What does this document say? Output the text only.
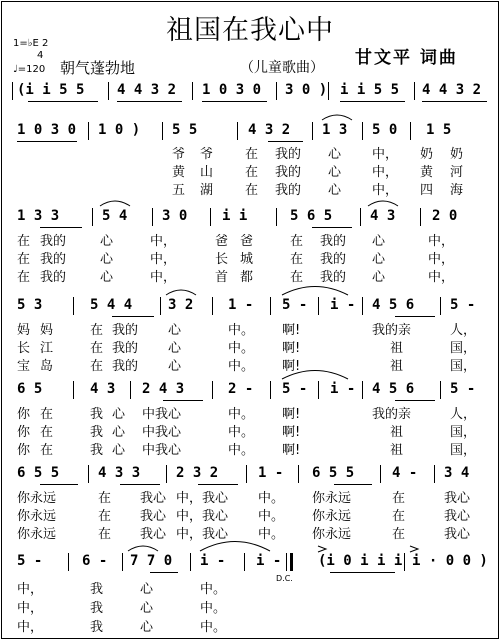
祖国在我心中
甘文平 词曲
1=♭E 2
4
♩=120 朝气蓬勃地	（儿童歌曲）
(i i 5 5 4 4 3 2 1 0 3 0 3 0 ) i i 5 5 4 4 3 2
1 0 3 0 1 0 ) 5 5	4 3 2 1 3 5 0 1 5
爷 爷 在 我的 心 中， 奶 奶
黄 山 在 我的 心 中， 黄 河
五 湖 在 我的 心 中， 四 海
1 3 3	5 4 3 0 i i	5 6 5	4 3	2 0
在 我的	心	中，	爸 爸	在 我的 心	中，
在 我的	心	中，	长 城	在 我的 心	中，
在 我的	心	中，	首 都	在 我的 心	中，
5 3	5 4 4	3 2 1 - 5 - i - 4 5 6	5 -
妈 妈	在 我的 心	中。 啊!	我的亲	人，
长 江	在 我的 心	中。 啊!	祖	国，
宝 岛	在 我的 心	中。 啊!	祖	国，
6 5	4 3 2 4 3	2 - 5 - i - 4 5 6	5 -
你 在	我 心 中我心	中。 啊!	我的亲	人，
你 在	我 心 中我心	中。 啊!	祖	国，
你 在	我 心 中我心	中。 啊!	祖	国，
6 5 5	4 3 3	2 3 2	1 - 6 5 5	4 - 3 4
你永远	在 我心 中，我心 中。 你永远	在	我心
你永远	在 我心 中，我心 中。 你永远	在	我心
你永远	在 我心 中，我心 中。 你永远	在	我心
5 -	6 - 7 7 0 i - i -	(i 0 i i i i · 0 0 )
D.C.
中，	我	心	中。
中，	我	心	中。
中，	我	心	中。
